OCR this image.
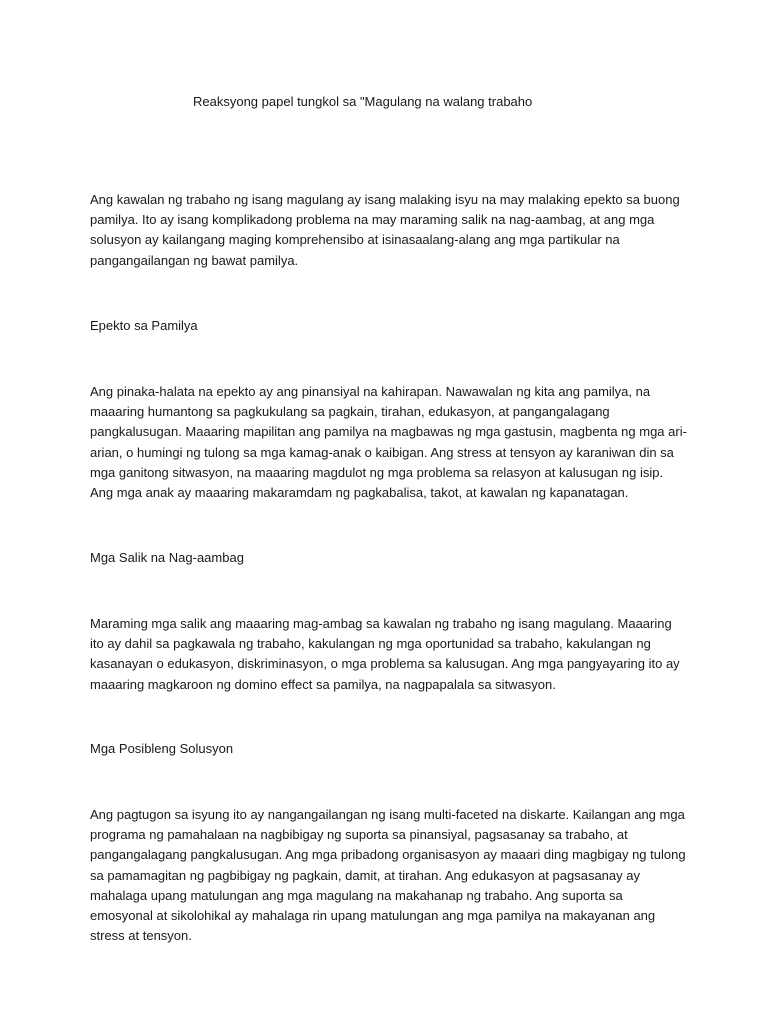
Reaksyong papel tungkol sa "Magulang na walang trabaho

Ang kawalan ng trabaho ng isang magulang ay isang malaking isyu na may malaking epekto sa buong pamilya. Ito ay isang komplikadong problema na may maraming salik na nag-aambag, at ang mga solusyon ay kailangang maging komprehensibo at isinasaalang-alang ang mga partikular na pangangailangan ng bawat pamilya.

Epekto sa Pamilya

Ang pinaka-halata na epekto ay ang pinansiyal na kahirapan. Nawawalan ng kita ang pamilya, na maaaring humantong sa pagkukulang sa pagkain, tirahan, edukasyon, at pangangalagang pangkalusugan. Maaaring mapilitan ang pamilya na magbawas ng mga gastusin, magbenta ng mga ari-arian, o humingi ng tulong sa mga kamag-anak o kaibigan. Ang stress at tensyon ay karaniwan din sa mga ganitong sitwasyon, na maaaring magdulot ng mga problema sa relasyon at kalusugan ng isip. Ang mga anak ay maaaring makaramdam ng pagkabalisa, takot, at kawalan ng kapanatagan.

Mga Salik na Nag-aambag

Maraming mga salik ang maaaring mag-ambag sa kawalan ng trabaho ng isang magulang. Maaaring ito ay dahil sa pagkawala ng trabaho, kakulangan ng mga oportunidad sa trabaho, kakulangan ng kasanayan o edukasyon, diskriminasyon, o mga problema sa kalusugan. Ang mga pangyayaring ito ay maaaring magkaroon ng domino effect sa pamilya, na nagpapalala sa sitwasyon.

Mga Posibleng Solusyon

Ang pagtugon sa isyung ito ay nangangailangan ng isang multi-faceted na diskarte. Kailangan ang mga programa ng pamahalaan na nagbibigay ng suporta sa pinansiyal, pagsasanay sa trabaho, at pangangalagang pangkalusugan. Ang mga pribadong organisasyon ay maaari ding magbigay ng tulong sa pamamagitan ng pagbibigay ng pagkain, damit, at tirahan. Ang edukasyon at pagsasanay ay mahalaga upang matulungan ang mga magulang na makahanap ng trabaho. Ang suporta sa emosyonal at sikolohikal ay mahalaga rin upang matulungan ang mga pamilya na makayanan ang stress at tensyon.
